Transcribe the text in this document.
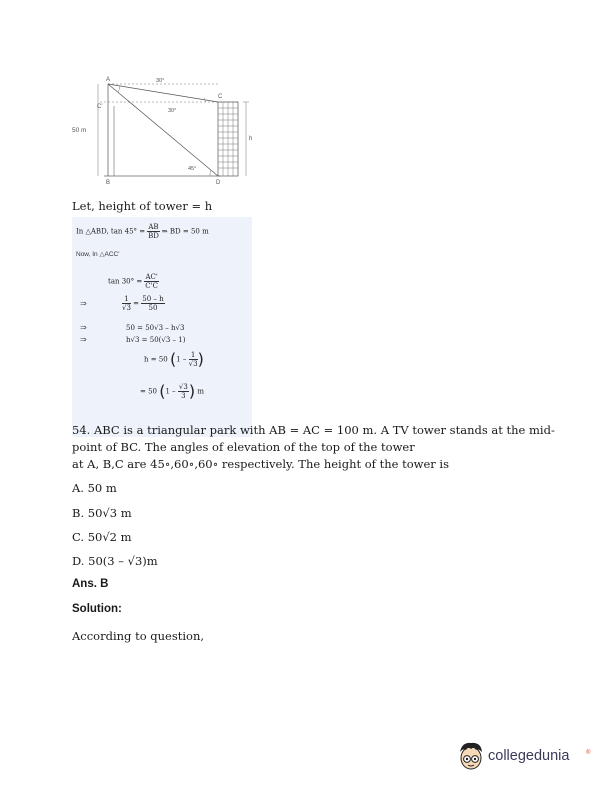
A
C'
C
B	D
h
50 m
30°
30°
45°
Let, height of tower = h
In △ABD, $\tan 45^\circ = \frac{AB}{BD}$ ⇒ BD = 50 m
Now, In △ACC'
$\tan 30^\circ = \frac{AC'}{C'C}$
⇒	$\frac{1}{√3} = \frac{50 - h}{50}$
⇒	50 = 50√3 – h√3
⇒	h√3 = 50(√3 – 1)
h = 50 ($1 - \frac{1}{√3}$ )
= 50 ($1 - \frac{√3}{3}$ ) m
54. ABC is a triangular park with AB = AC = 100 m. A TV tower stands at the mid-
point of BC. The angles of elevation of the top of the tower
at A, B,C are 45∘,60∘,60∘ respectively. The height of the tower is
A. 50 m
B. 50√3 m
C. 50√2 m
D. 50(3 – √3)m
Ans. B
Solution:
According to question,
collegedunia	®
